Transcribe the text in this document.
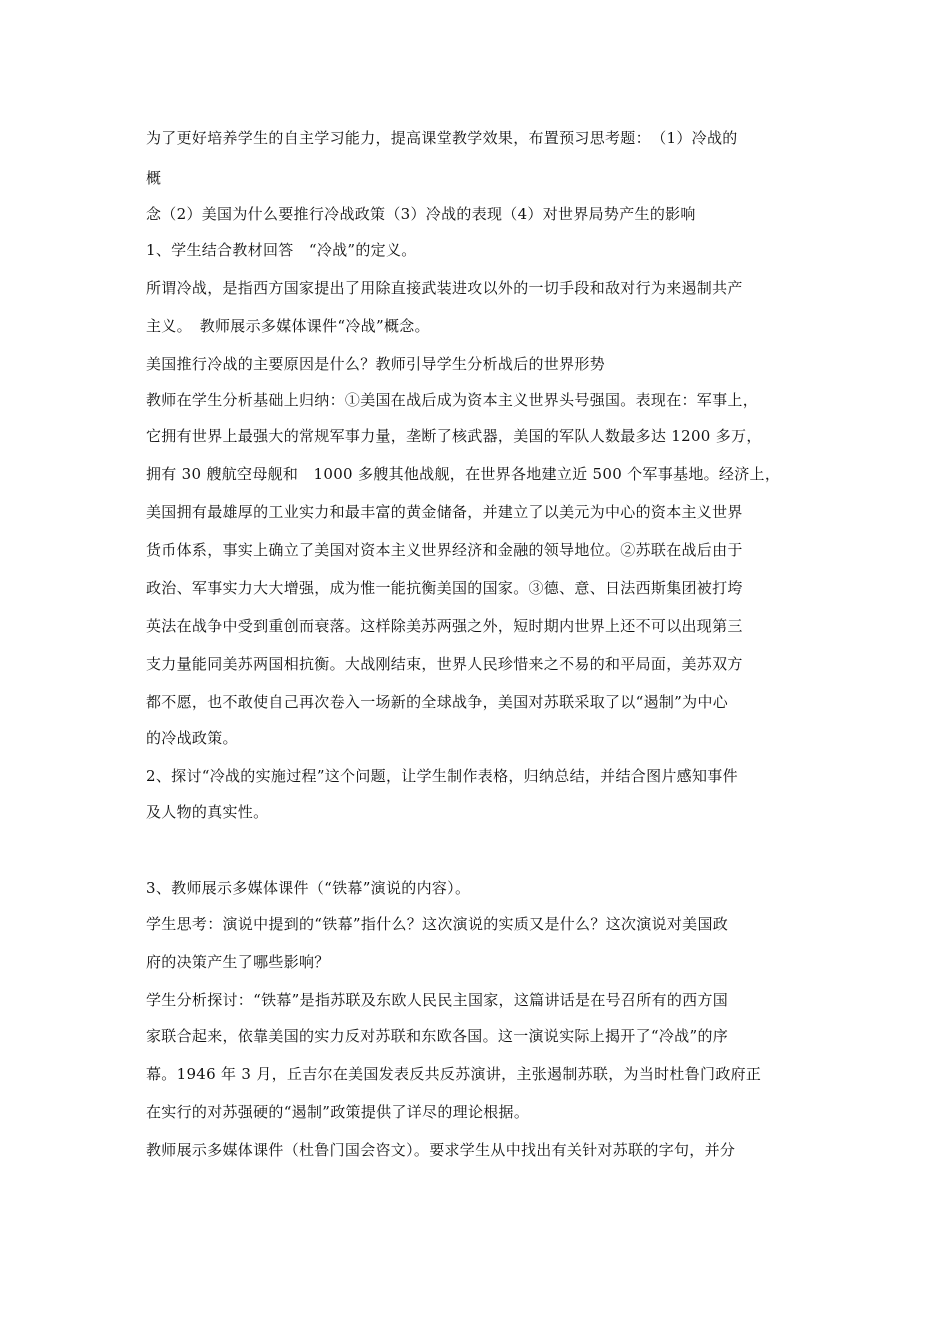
为了更好培养学生的自主学习能力，提高课堂教学效果，布置预习思考题：　（1）冷战的
概
念（2）美国为什么要推行冷战政策（3）冷战的表现（4）对世界局势产生的影响
1、学生结合教材回答　“冷战”的定义。
所谓冷战，是指西方国家提出了用除直接武装进攻以外的一切手段和敌对行为来遏制共产
主义。　教师展示多媒体课件“冷战”概念。
美国推行冷战的主要原因是什么？教师引导学生分析战后的世界形势
教师在学生分析基础上归纳：①美国在战后成为资本主义世界头号强国。表现在：军事上，
它拥有世界上最强大的常规军事力量，垄断了核武器，美国的军队人数最多达 1200 多万，
拥有 30 艘航空母舰和　1000 多艘其他战舰，在世界各地建立近 500 个军事基地。经济上，
美国拥有最雄厚的工业实力和最丰富的黄金储备，并建立了以美元为中心的资本主义世界
货币体系，事实上确立了美国对资本主义世界经济和金融的领导地位。②苏联在战后由于
政治、军事实力大大增强，成为惟一能抗衡美国的国家。③德、意、日法西斯集团被打垮
英法在战争中受到重创而衰落。这样除美苏两强之外，短时期内世界上还不可以出现第三
支力量能同美苏两国相抗衡。大战刚结束，世界人民珍惜来之不易的和平局面，美苏双方
都不愿，也不敢使自己再次卷入一场新的全球战争，美国对苏联采取了以“遏制”为中心
的冷战政策。
2、探讨“冷战的实施过程”这个问题，让学生制作表格，归纳总结，并结合图片感知事件
及人物的真实性。
3、教师展示多媒体课件（“铁幕”演说的内容）。
学生思考：演说中提到的“铁幕”指什么？这次演说的实质又是什么？这次演说对美国政
府的决策产生了哪些影响？
学生分析探讨：“铁幕”是指苏联及东欧人民民主国家，这篇讲话是在号召所有的西方国
家联合起来，依靠美国的实力反对苏联和东欧各国。这一演说实际上揭开了“冷战”的序
幕。1946 年 3 月，丘吉尔在美国发表反共反苏演讲，主张遏制苏联，为当时杜鲁门政府正
在实行的对苏强硬的“遏制”政策提供了详尽的理论根据。
教师展示多媒体课件（杜鲁门国会咨文）。要求学生从中找出有关针对苏联的字句，并分
